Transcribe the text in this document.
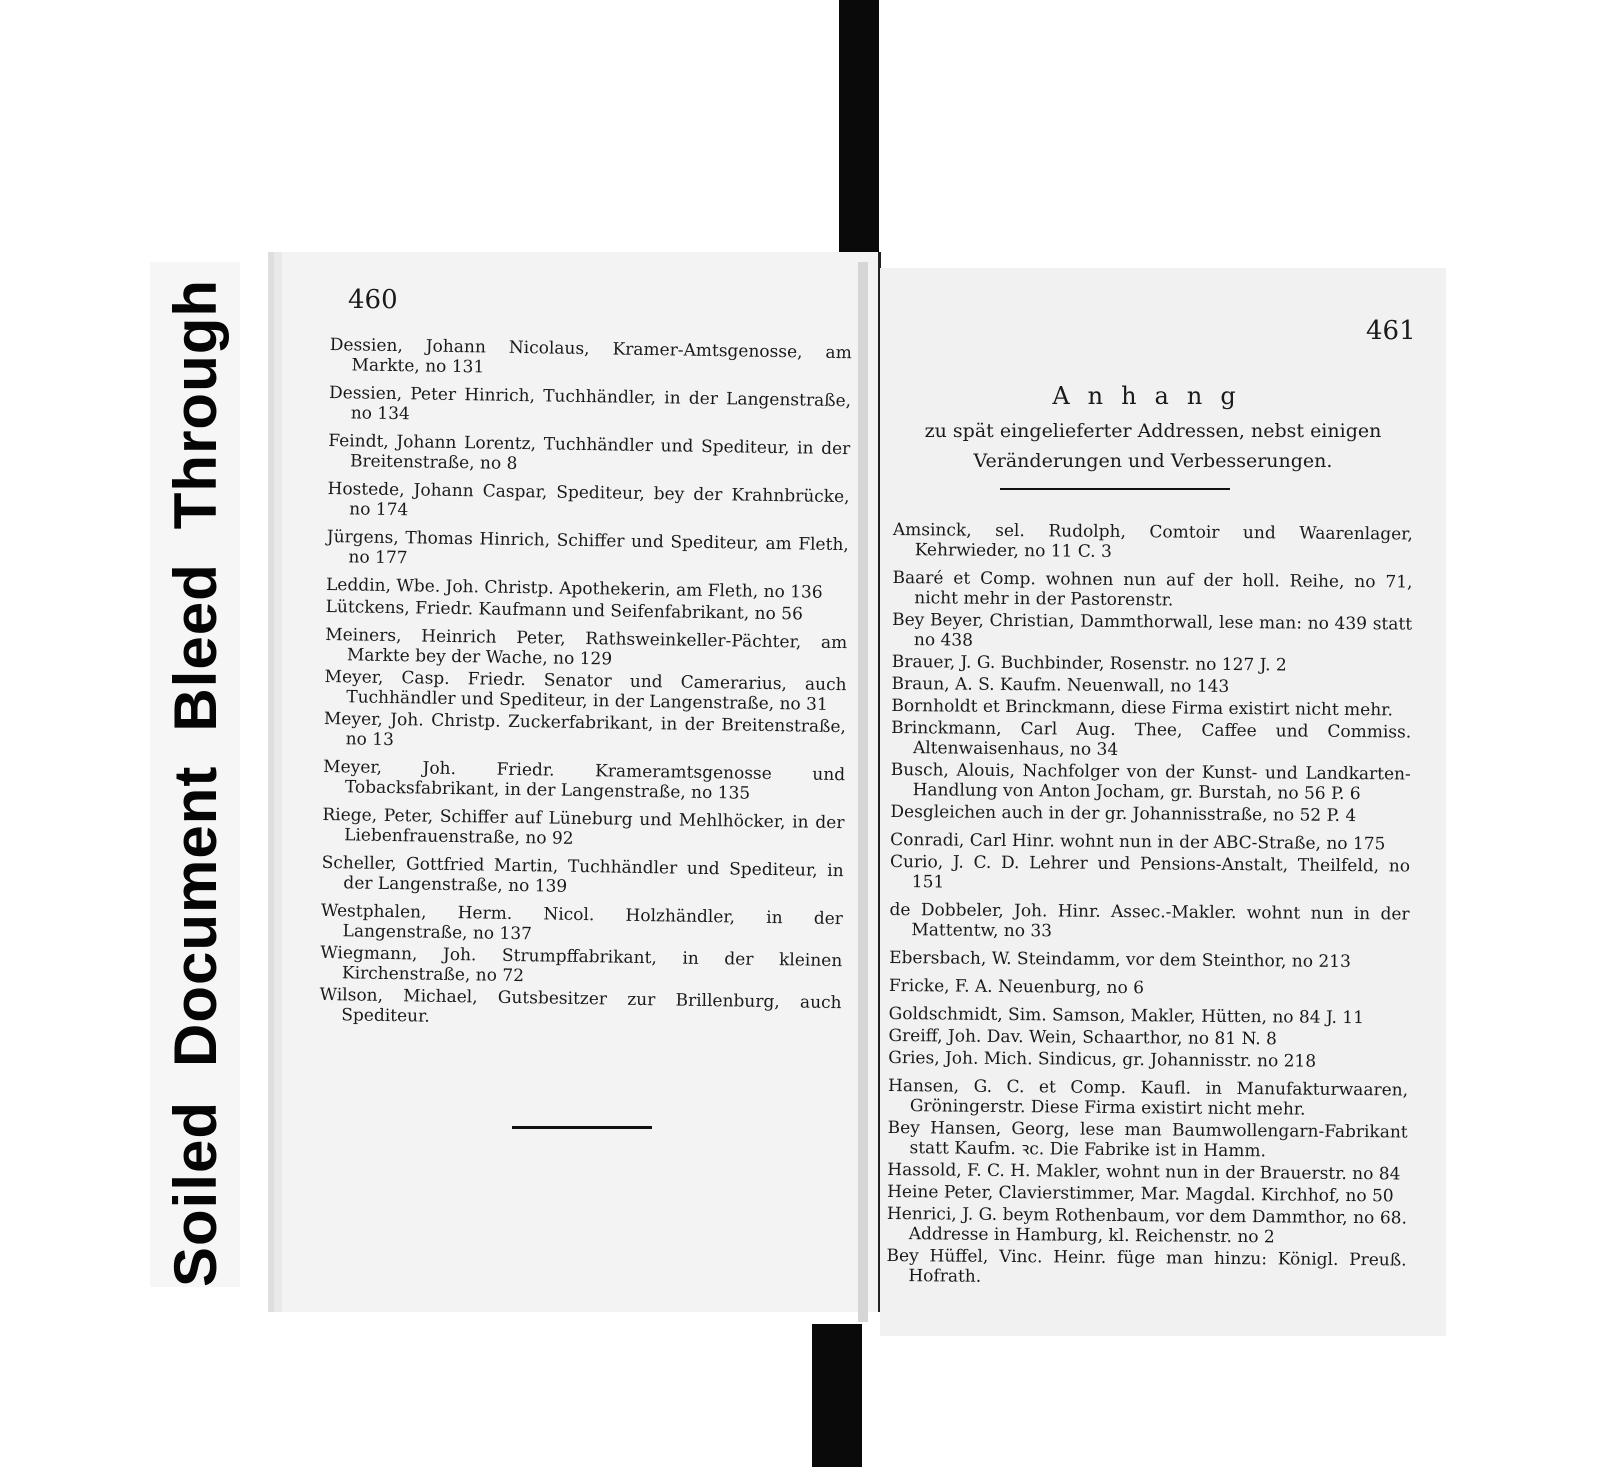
Soiled
Document
Bleed
Through	460
461
Dessien, Johann Nicolaus, Kramer-Amtsgenosse, am Markte, no 131
Dessien, Peter Hinrich, Tuchhändler, in der Langenstraße, no 134
Feindt, Johann Lorentz, Tuchhändler und Spediteur, in der Breitenstraße, no 8
Hostede, Johann Caspar, Spediteur, bey der Krahnbrücke, no 174
Jürgens, Thomas Hinrich, Schiffer und Spediteur, am Fleth, no 177
Leddin, Wbe. Joh. Christp. Apothekerin, am Fleth, no 136
Lütckens, Friedr. Kaufmann und Seifenfabrikant, no 56
Meiners, Heinrich Peter, Rathsweinkeller-Pächter, am Markte bey der Wache, no 129
Meyer, Casp. Friedr. Senator und Camerarius, auch Tuchhändler und Spediteur, in der Langenstraße, no 31
Meyer, Joh. Christp. Zuckerfabrikant, in der Breitenstraße, no 13
Meyer, Joh. Friedr. Krameramtsgenosse und Tobacksfabrikant, in der Langenstraße, no 135
Riege, Peter, Schiffer auf Lüneburg und Mehlhöcker, in der Liebenfrauenstraße, no 92
Scheller, Gottfried Martin, Tuchhändler und Spediteur, in der Langenstraße, no 139
Westphalen, Herm. Nicol. Holzhändler, in der Langenstraße, no 137
Wiegmann, Joh. Strumpffabrikant, in der kleinen Kirchenstraße, no 72
Wilson, Michael, Gutsbesitzer zur Brillenburg, auch Spediteur.
Anhang
zu spät eingelieferter Addressen, nebst einigen Veränderungen und Verbesserungen.
Amsinck, sel. Rudolph, Comtoir und Waarenlager, Kehrwieder, no 11 C. 3
Baaré et Comp. wohnen nun auf der holl. Reihe, no 71, nicht mehr in der Pastorenstr.
Bey Beyer, Christian, Dammthorwall, lese man: no 439 statt no 438
Brauer, J. G. Buchbinder, Rosenstr. no 127 J. 2
Braun, A. S. Kaufm. Neuenwall, no 143
Bornholdt et Brinckmann, diese Firma existirt nicht mehr.
Brinckmann, Carl Aug. Thee, Caffee und Commiss. Altenwaisenhaus, no 34
Busch, Alouis, Nachfolger von der Kunst- und Landkarten-Handlung von Anton Jocham, gr. Burstah, no 56 P. 6
Desgleichen auch in der gr. Johannisstraße, no 52 P. 4
Conradi, Carl Hinr. wohnt nun in der ABC-Straße, no 175
Curio, J. C. D. Lehrer und Pensions-Anstalt, Theilfeld, no 151
de Dobbeler, Joh. Hinr. Assec.-Makler. wohnt nun in der Mattentw, no 33
Ebersbach, W. Steindamm, vor dem Steinthor, no 213
Fricke, F. A. Neuenburg, no 6
Goldschmidt, Sim. Samson, Makler, Hütten, no 84 J. 11
Greiff, Joh. Dav. Wein, Schaarthor, no 81 N. 8
Gries, Joh. Mich. Sindicus, gr. Johannisstr. no 218
Hansen, G. C. et Comp. Kaufl. in Manufakturwaaren, Gröningerstr. Diese Firma existirt nicht mehr.
Bey Hansen, Georg, lese man Baumwollengarn-Fabrikant statt Kaufm. ꝛc. Die Fabrike ist in Hamm.
Hassold, F. C. H. Makler, wohnt nun in der Brauerstr. no 84
Heine Peter, Clavierstimmer, Mar. Magdal. Kirchhof, no 50
Henrici, J. G. beym Rothenbaum, vor dem Dammthor, no 68. Addresse in Hamburg, kl. Reichenstr. no 2
Bey Hüffel, Vinc. Heinr. füge man hinzu: Königl. Preuß. Hofrath.
